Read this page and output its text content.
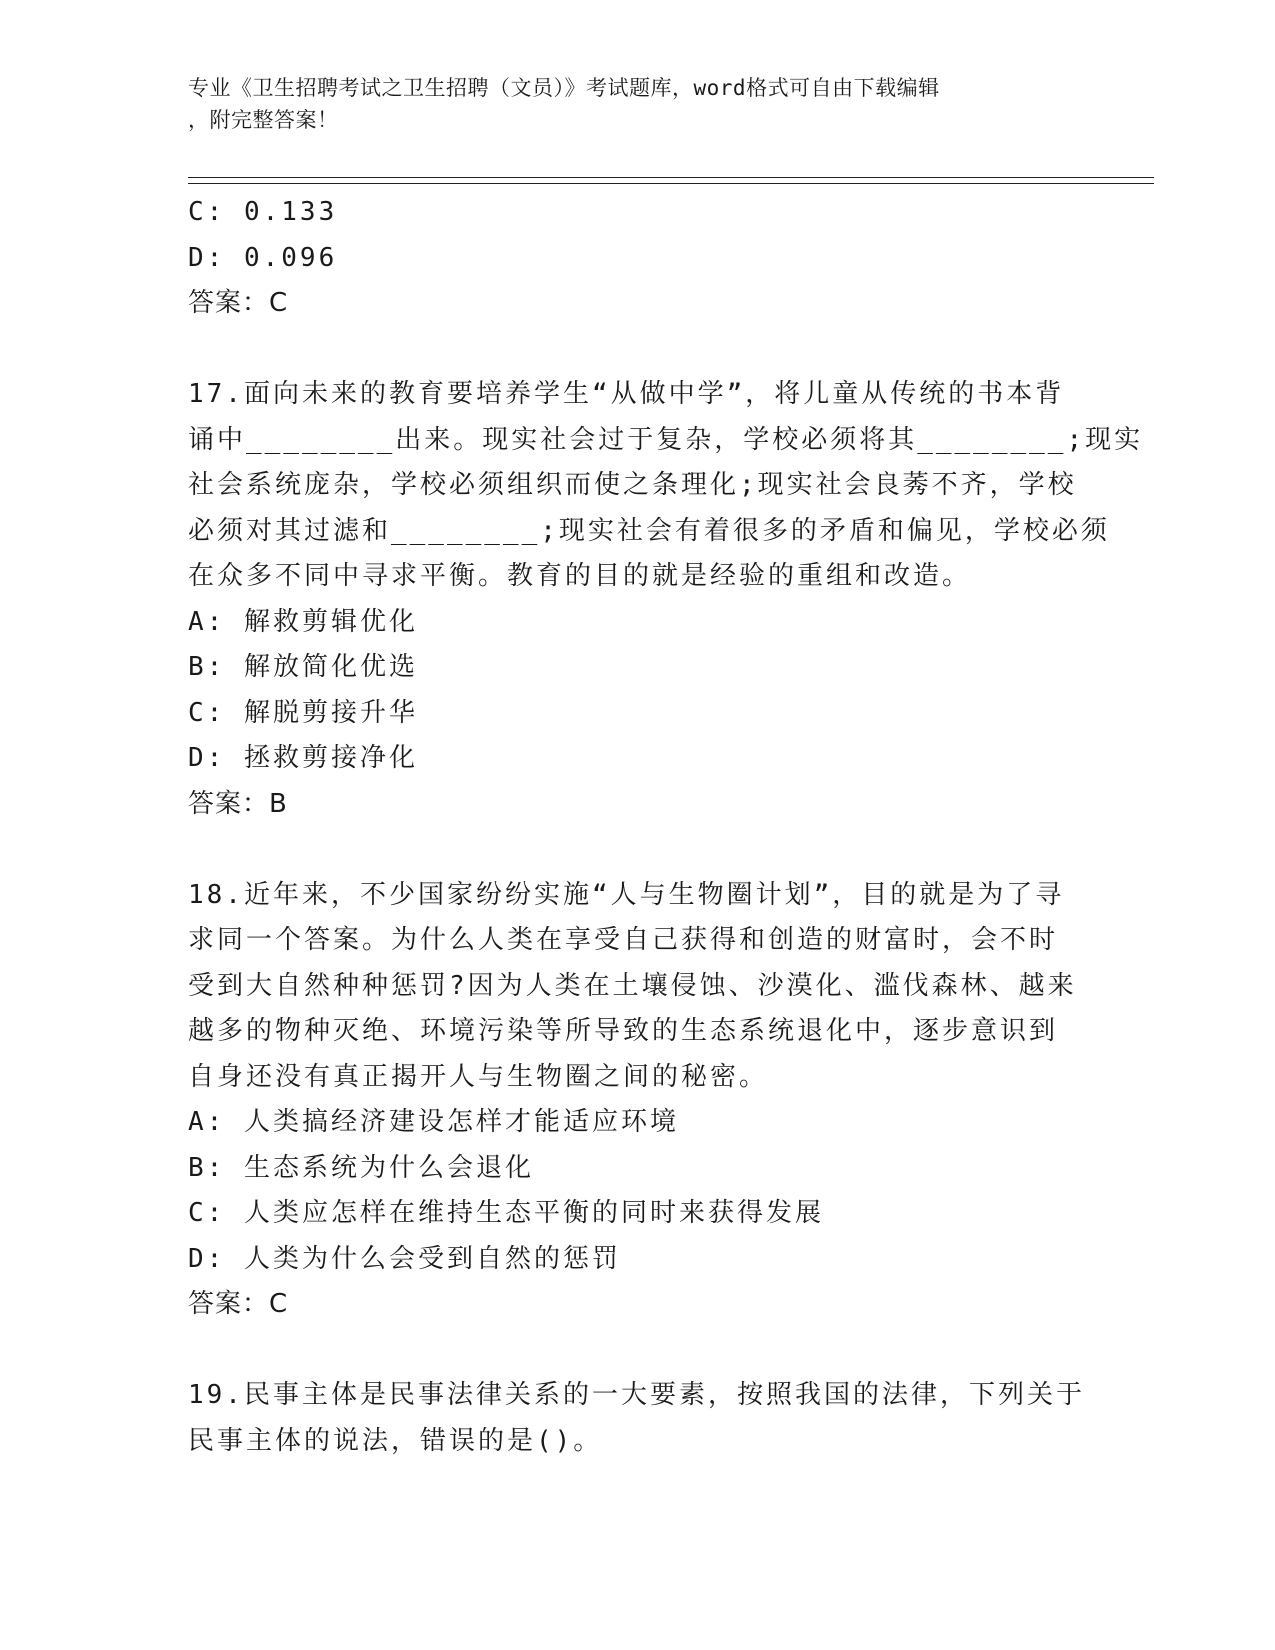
专业《卫生招聘考试之卫生招聘（文员）》考试题库，word格式可自由下载编辑
，附完整答案！
C: 0.133
D: 0.096
答案：C
17.面向未来的教育要培养学生“从做中学”，将儿童从传统的书本背
诵中________出来。现实社会过于复杂，学校必须将其________;现实
社会系统庞杂，学校必须组织而使之条理化;现实社会良莠不齐，学校
必须对其过滤和________;现实社会有着很多的矛盾和偏见，学校必须
在众多不同中寻求平衡。教育的目的就是经验的重组和改造。
A: 解救剪辑优化
B: 解放简化优选
C: 解脱剪接升华
D: 拯救剪接净化
答案：B
18.近年来，不少国家纷纷实施“人与生物圈计划”，目的就是为了寻
求同一个答案。为什么人类在享受自己获得和创造的财富时，会不时
受到大自然种种惩罚?因为人类在土壤侵蚀、沙漠化、滥伐森林、越来
越多的物种灭绝、环境污染等所导致的生态系统退化中，逐步意识到
自身还没有真正揭开人与生物圈之间的秘密。
A: 人类搞经济建设怎样才能适应环境
B: 生态系统为什么会退化
C: 人类应怎样在维持生态平衡的同时来获得发展
D: 人类为什么会受到自然的惩罚
答案：C
19.民事主体是民事法律关系的一大要素，按照我国的法律，下列关于
民事主体的说法，错误的是()。
